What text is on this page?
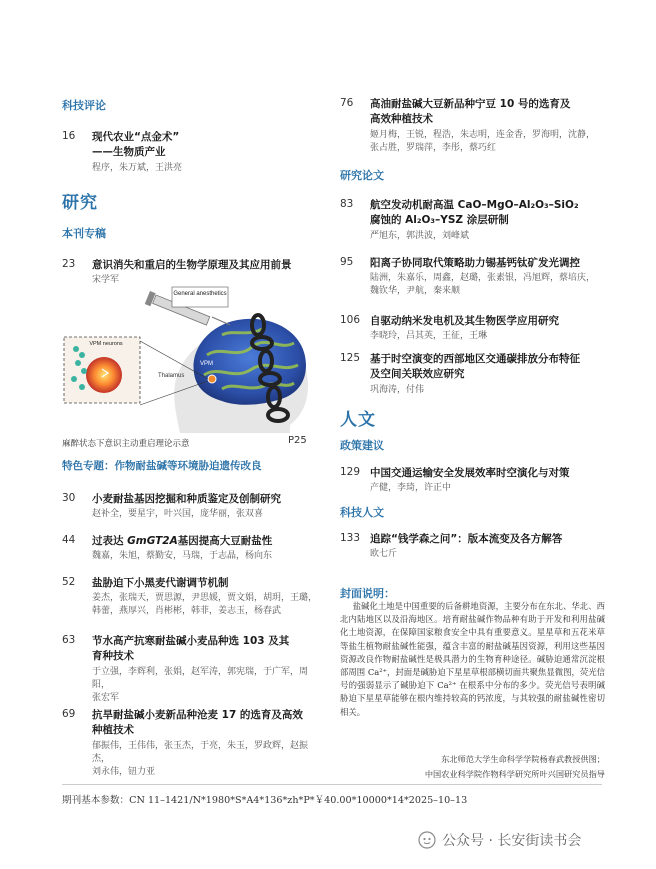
科技评论
16 现代农业“点金术”
——生物质产业
程序，朱万斌，王洪亮
研究
本刊专稿
23 意识消失和重启的生物学原理及其应用前景
宋学军
General anesthetics
VPM
Thalamus
VPM neurons
麻醉状态下意识主动重启理论示意	P25
特色专题：作物耐盐碱等环境胁迫遗传改良
30 小麦耐盐基因挖掘和种质鉴定及创制研究
赵补全，要星宇，叶兴国，庞华丽，张双喜
44 过表达 GmGT2A基因提高大豆耐盐性
魏嘉，朱旭，蔡勤安，马瑞，于志晶，杨向东
52 盐胁迫下小黑麦代谢调节机制
姜杰，张瑞天，贾思源，尹思媛，贾文娟，胡玥，王璐，
韩蕾，燕厚兴，肖彬彬，韩菲，姜志玉，杨春武
63 节水高产抗寒耐盐碱小麦品种选 103 及其
育种技术
于立强，李辉利，张娟，赵军涛，郭宪瑞，于广军，周阳，
张宏军
69 抗旱耐盐碱小麦新品种沧麦 17 的选育及高效
种植技术
郁振伟，王伟伟，张玉杰，于亮，朱玉，罗政辉，赵振杰，
刘永伟，钮力亚
76 高油耐盐碱大豆新品种宁豆 10 号的选育及
高效种植技术
姬月梅，王锐，程浩，朱志明，连金香，罗海明，沈静，
张占胜，罗瑞萍，李彤，蔡巧红
研究论文
83 航空发动机耐高温 CaO–MgO–Al₂O₃–SiO₂
腐蚀的 Al₂O₃–YSZ 涂层研制
严旭东，郭洪波，刘峰斌
95 阳离子协同取代策略助力锡基钙钛矿发光调控
陆洲，朱嘉乐，周鑫，赵璐，张素银，冯旭辉，蔡培庆，
魏钦华，尹航，秦来顺
106 自驱动纳米发电机及其生物医学应用研究
李晓玲，吕其英，王征，王琳
125 基于时空演变的西部地区交通碳排放分布特征
及空间关联效应研究
巩海涛，付伟
人文
政策建议
129 中国交通运输安全发展效率时空演化与对策
产健，李琦，许正中
科技人文
133 追踪“钱学森之问”：版本流变及各方解答
欧七斤
封面说明：
盐碱化土地是中国重要的后备耕地资源，主要分布在东北、华北、西北内陆地区以及沿海地区。培育耐盐碱作物品种有助于开发和利用盐碱化土地资源，在保障国家粮食安全中具有重要意义。星星草和五花米草等盐生植物耐盐碱性能强，蕴含丰富的耐盐碱基因资源，利用这些基因资源改良作物耐盐碱性是极具潜力的生物育种途径。碱胁迫通常沉淀根部周围 Ca²⁺，封面是碱胁迫下星星草根部横切面共聚焦显微图，荧光信号的强弱显示了碱胁迫下 Ca²⁺ 在根系中分布的多少。荧光信号表明碱胁迫下星星草能够在根内维持较高的钙浓度，与其较强的耐盐碱性密切相关。
东北师范大学生命科学学院杨春武教授供图；
中国农业科学院作物科学研究所叶兴国研究员指导
期刊基本参数：CN 11–1421/N*1980*S*A4*136*zh*P*￥40.00*10000*14*2025–10–13
公众号 · 长安街读书会
